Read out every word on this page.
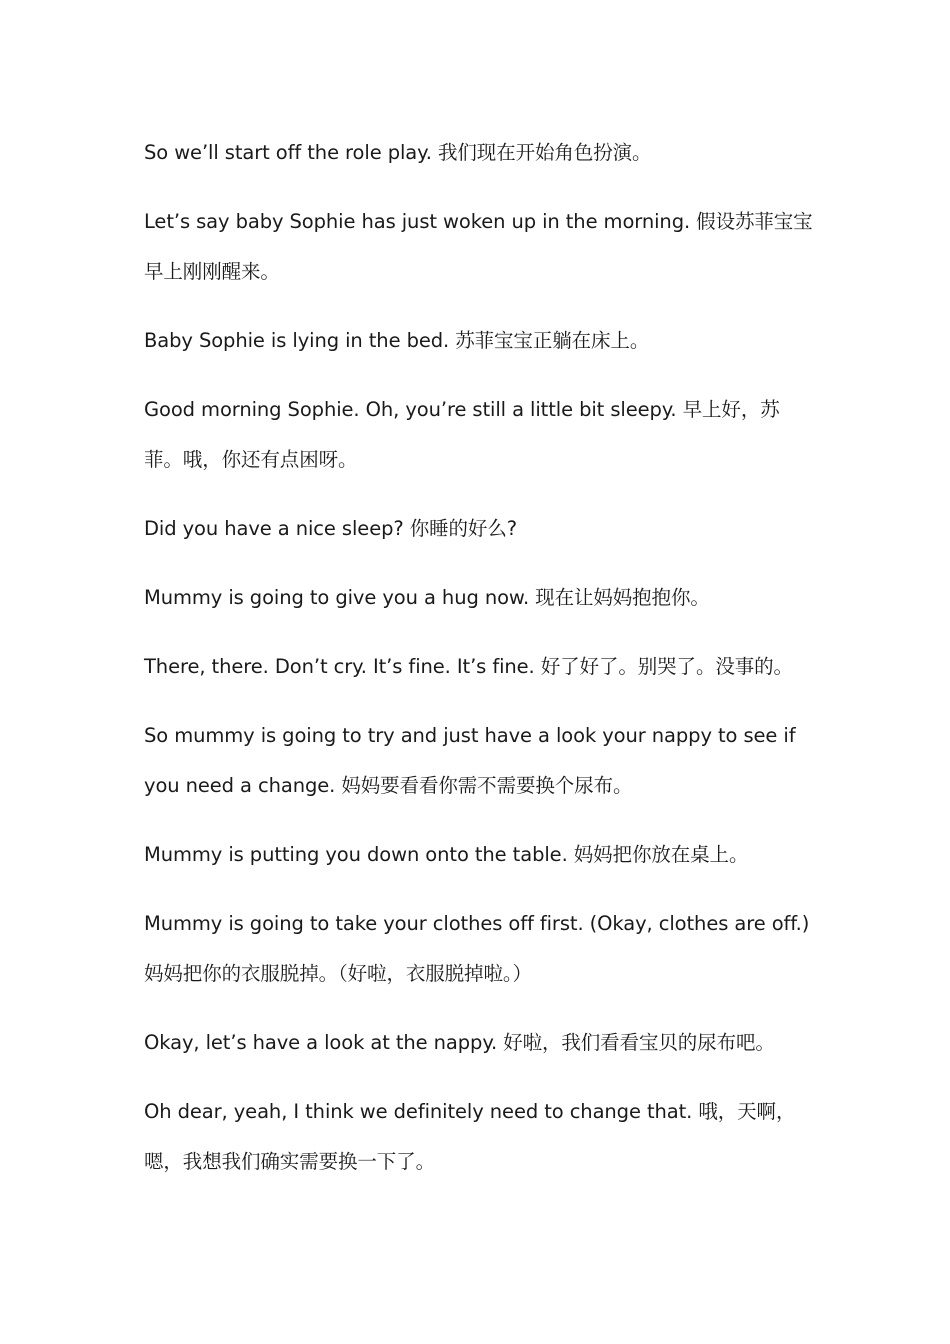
So we’ll start off the role play. 我们现在开始角色扮演。

Let’s say baby Sophie has just woken up in the morning. 假设苏菲宝宝早上刚刚醒来。

Baby Sophie is lying in the bed. 苏菲宝宝正躺在床上。

Good morning Sophie. Oh, you’re still a little bit sleepy. 早上好，苏菲。哦，你还有点困呀。

Did you have a nice sleep? 你睡的好么?

Mummy is going to give you a hug now. 现在让妈妈抱抱你。

There, there. Don’t cry. It’s fine. It’s fine. 好了好了。别哭了。没事的。

So mummy is going to try and just have a look your nappy to see if you need a change. 妈妈要看看你需不需要换个尿布。

Mummy is putting you down onto the table. 妈妈把你放在桌上。

Mummy is going to take your clothes off first. (Okay, clothes are off.) 妈妈把你的衣服脱掉。（好啦，衣服脱掉啦。）

Okay, let’s have a look at the nappy. 好啦，我们看看宝贝的尿布吧。

Oh dear, yeah, I think we definitely need to change that. 哦，天啊，嗯，我想我们确实需要换一下了。
